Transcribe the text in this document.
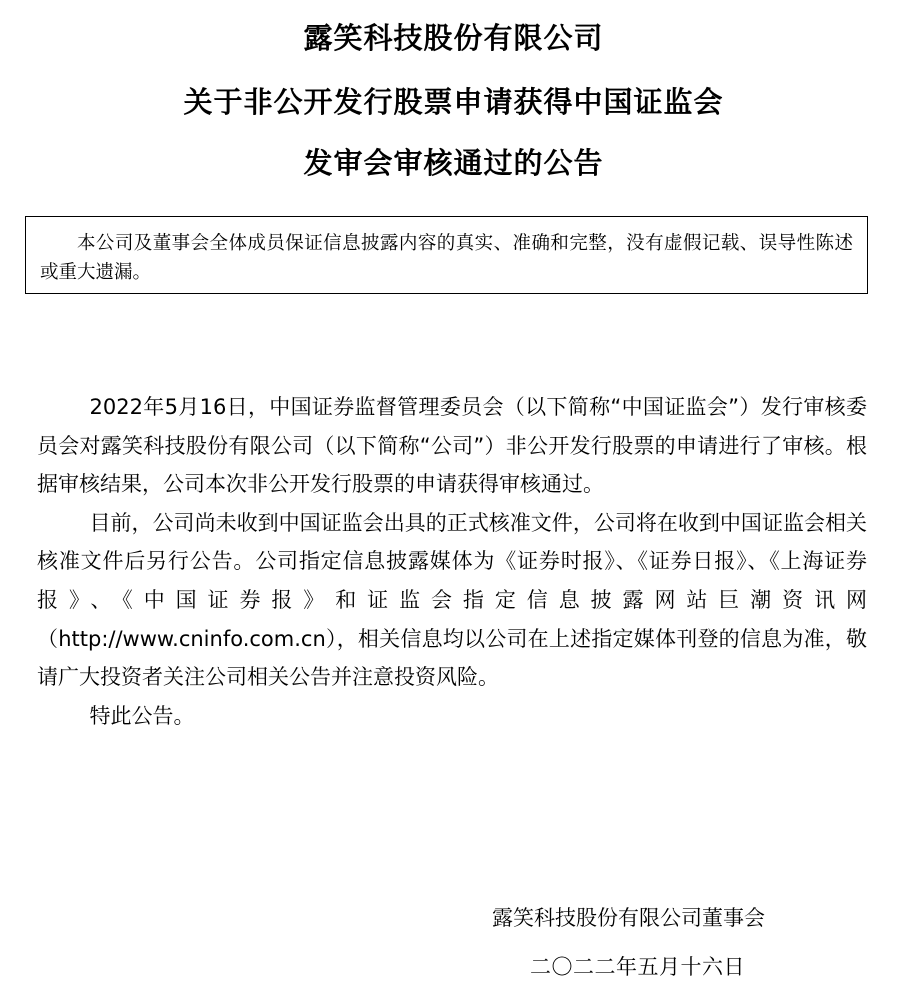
露笑科技股份有限公司
关于非公开发行股票申请获得中国证监会
发审会审核通过的公告
本公司及董事会全体成员保证信息披露内容的真实、准确和完整，没有虚假记载、误导性陈述或重大遗漏。

2022年5月16日，中国证券监督管理委员会（以下简称“中国证监会”）发行审核委员会对露笑科技股份有限公司（以下简称“公司”）非公开发行股票的申请进行了审核。根据审核结果，公司本次非公开发行股票的申请获得审核通过。

目前，公司尚未收到中国证监会出具的正式核准文件，公司将在收到中国证监会相关核准文件后另行公告。公司指定信息披露媒体为《证券时报》、《证券日报》、《上海证券报》、《中国证券报》和证监会指定信息披露网站巨潮资讯网（http://www.cninfo.com.cn），相关信息均以公司在上述指定媒体刊登的信息为准，敬请广大投资者关注公司相关公告并注意投资风险。

特此公告。

露笑科技股份有限公司董事会
二〇二二年五月十六日
